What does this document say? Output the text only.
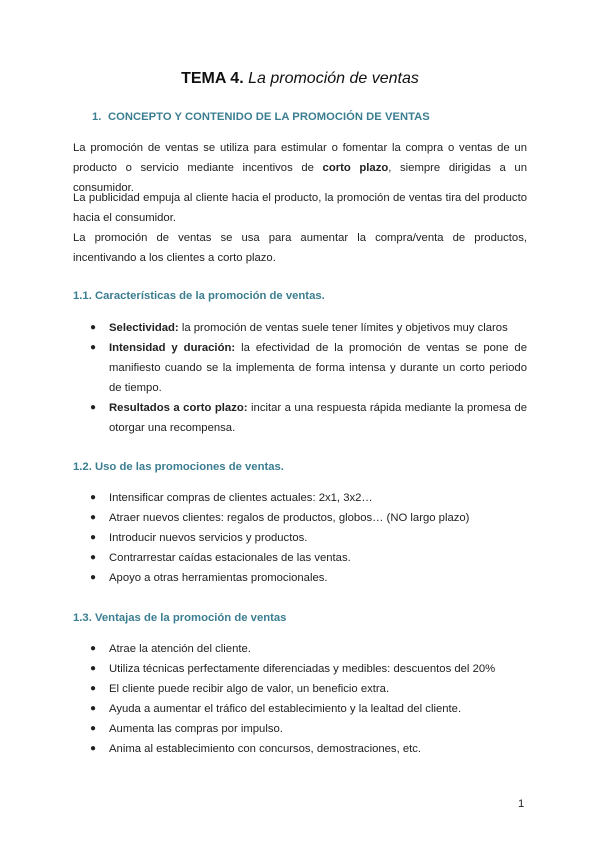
TEMA 4. La promoción de ventas
1. CONCEPTO Y CONTENIDO DE LA PROMOCIÓN DE VENTAS
La promoción de ventas se utiliza para estimular o fomentar la compra o ventas de un producto o servicio mediante incentivos de corto plazo, siempre dirigidas a un consumidor.
La publicidad empuja al cliente hacia el producto, la promoción de ventas tira del producto hacia el consumidor.
La promoción de ventas se usa para aumentar la compra/venta de productos, incentivando a los clientes a corto plazo.
1.1. Características de la promoción de ventas.
● Selectividad: la promoción de ventas suele tener límites y objetivos muy claros
● Intensidad y duración: la efectividad de la promoción de ventas se pone de manifiesto cuando se la implementa de forma intensa y durante un corto periodo de tiempo.
● Resultados a corto plazo: incitar a una respuesta rápida mediante la promesa de otorgar una recompensa.
1.2. Uso de las promociones de ventas.
● Intensificar compras de clientes actuales: 2x1, 3x2…
● Atraer nuevos clientes: regalos de productos, globos… (NO largo plazo)
● Introducir nuevos servicios y productos.
● Contrarrestar caídas estacionales de las ventas.
● Apoyo a otras herramientas promocionales.
1.3. Ventajas de la promoción de ventas
● Atrae la atención del cliente.
● Utiliza técnicas perfectamente diferenciadas y medibles: descuentos del 20%
● El cliente puede recibir algo de valor, un beneficio extra.
● Ayuda a aumentar el tráfico del establecimiento y la lealtad del cliente.
● Aumenta las compras por impulso.
● Anima al establecimiento con concursos, demostraciones, etc.
1
